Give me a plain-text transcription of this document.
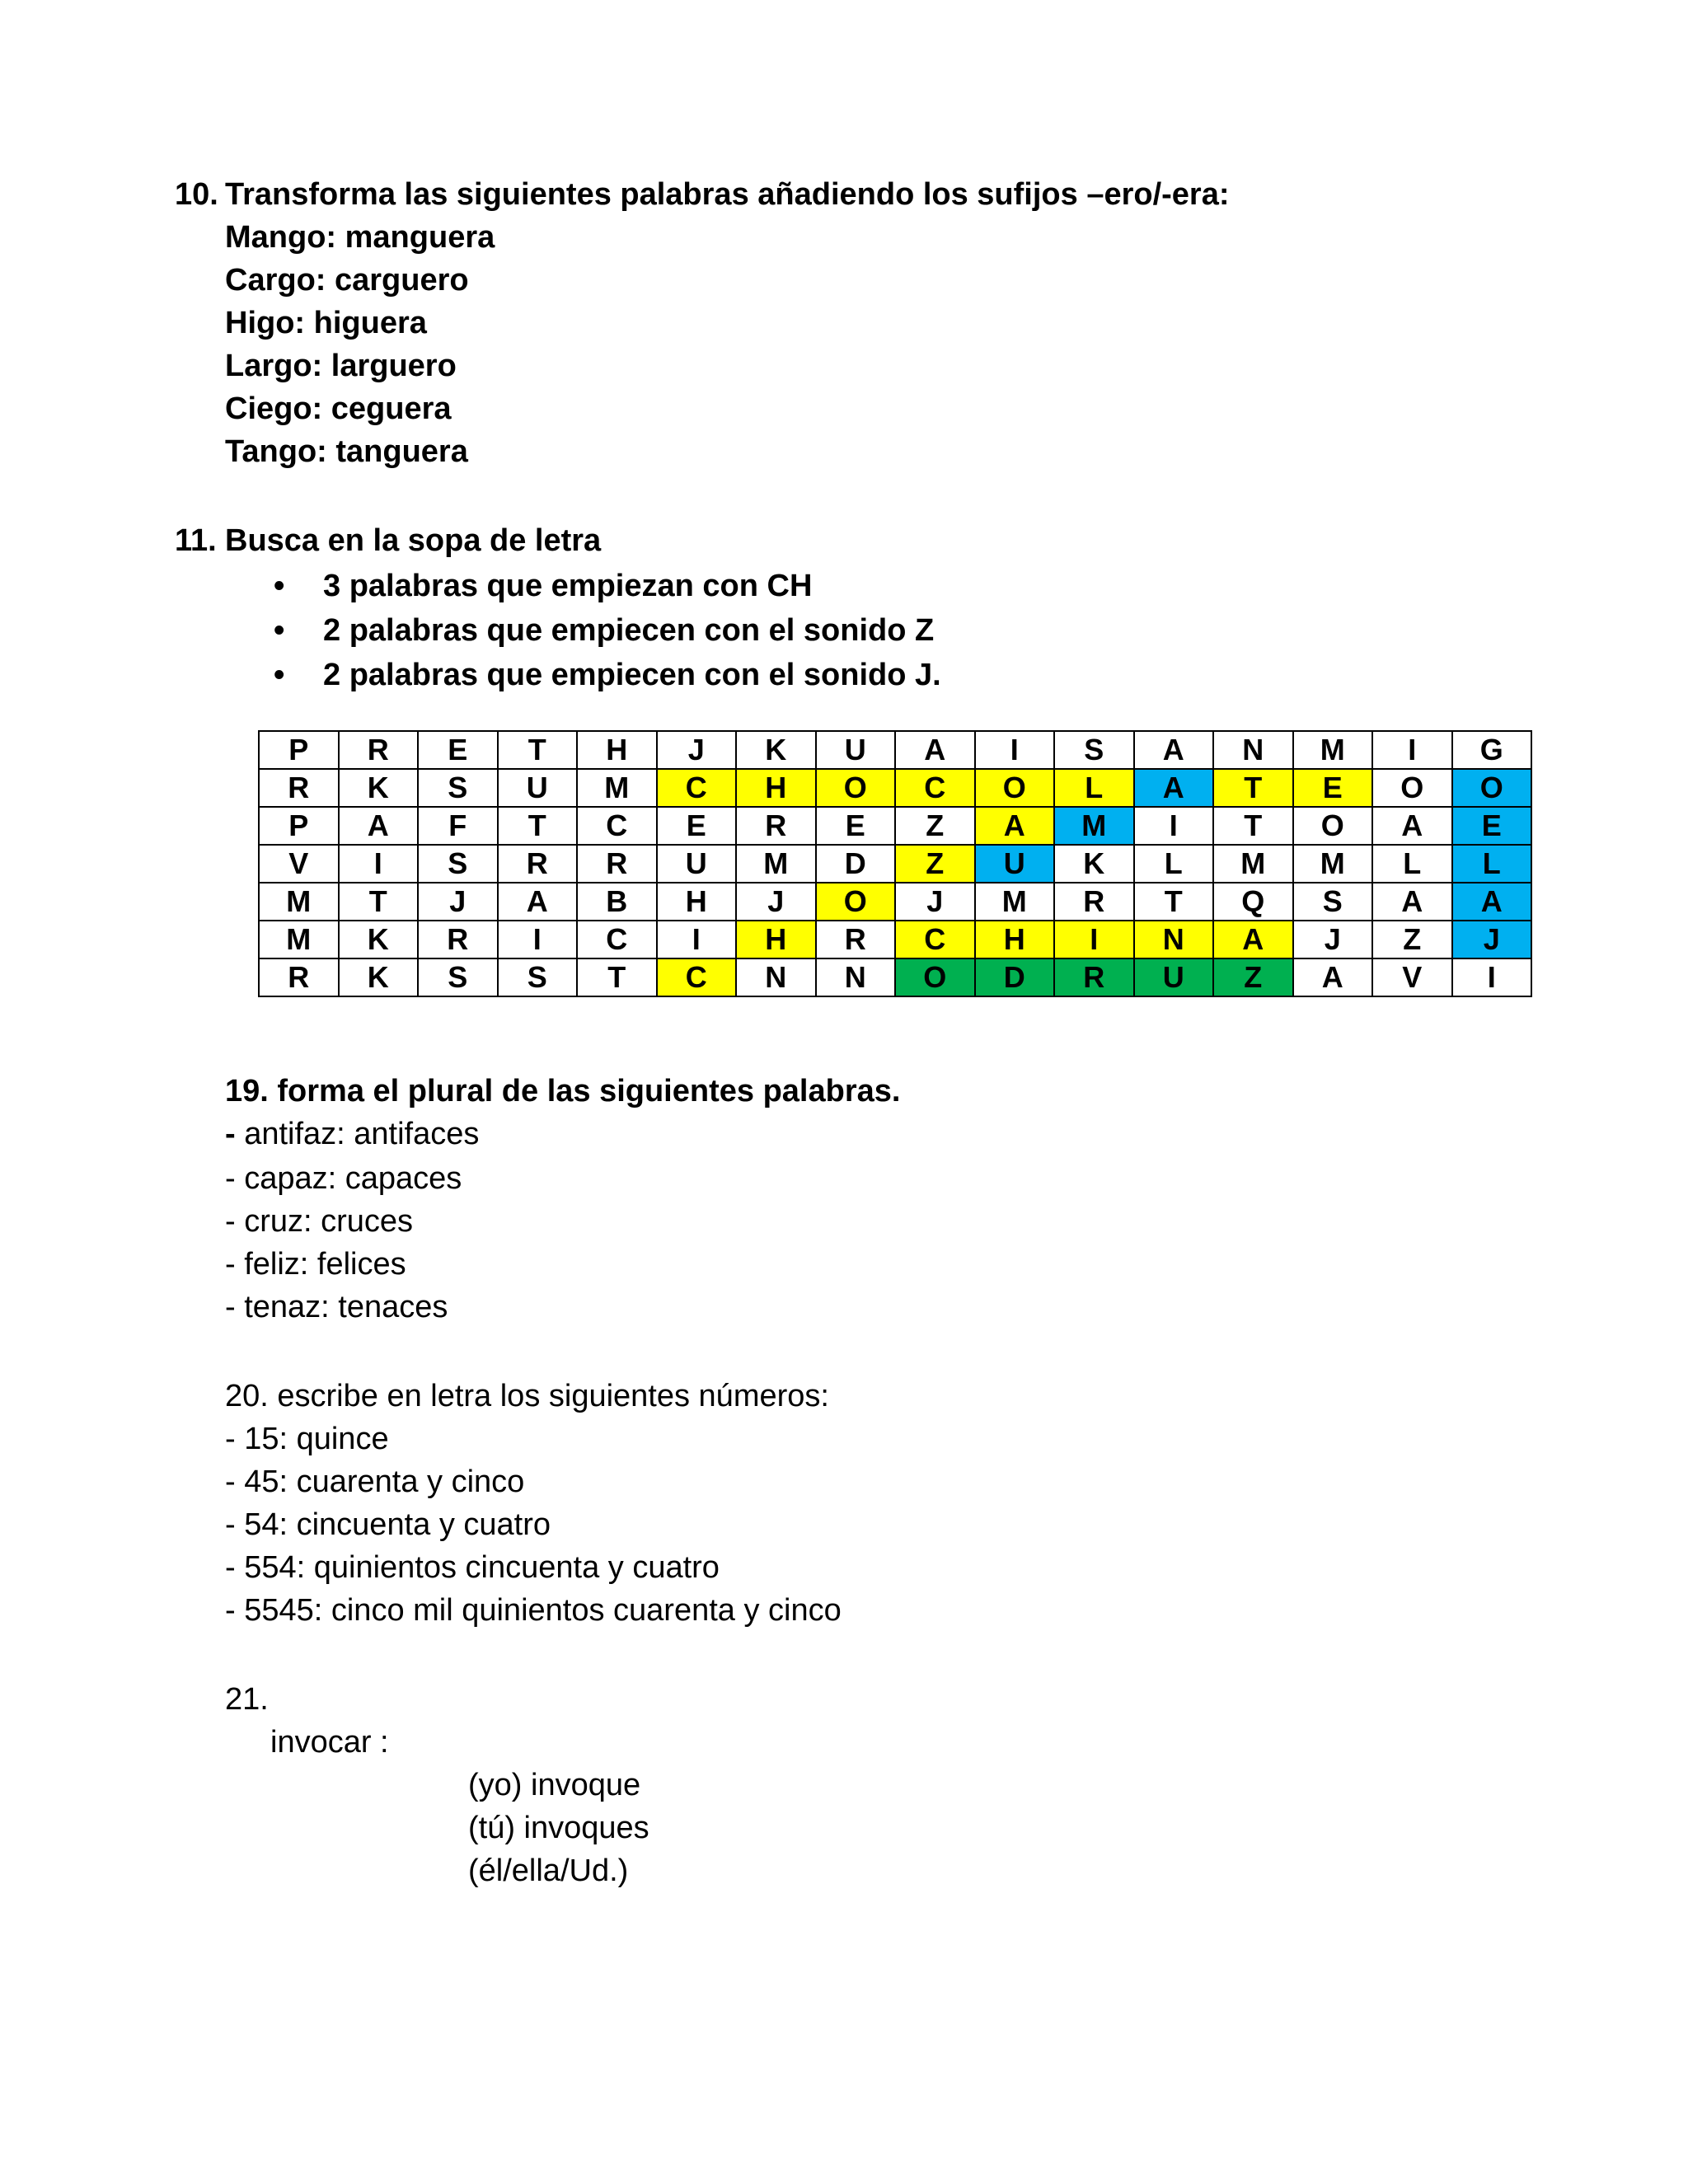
10. Transforma las siguientes palabras añadiendo los sufijos –ero/-era:
Mango: manguera
Cargo: carguero
Higo: higuera
Largo: larguero
Ciego: ceguera
Tango: tanguera
11. Busca en la sopa de letra
• 3 palabras que empiezan con CH
• 2 palabras que empiecen con el sonido Z
• 2 palabras que empiecen con el sonido J.
P	R	E	T	H	J	K	U	A	I	S	A	N	M	I	G
R	K	S	U	M	C	H	O	C	O	L	A	T	E	O	O
P	A	F	T	C	E	R	E	Z	A	M	I	T	O	A	E
V	I	S	R	R	U	M	D	Z	U	K	L	M	M	L	L
M	T	J	A	B	H	J	O	J	M	R	T	Q	S	A	A
M	K	R	I	C	I	H	R	C	H	I	N	A	J	Z	J
R	K	S	S	T	C	N	N	O	D	R	U	Z	A	V	I
19. forma el plural de las siguientes palabras.
- antifaz: antifaces
- capaz: capaces
- cruz: cruces
- feliz: felices
- tenaz: tenaces
20. escribe en letra los siguientes números:
- 15: quince
- 45: cuarenta y cinco
- 54: cincuenta y cuatro
- 554: quinientos cincuenta y cuatro
- 5545: cinco mil quinientos cuarenta y cinco
21.
invocar :
(yo) invoque
(tú) invoques
(él/ella/Ud.)
